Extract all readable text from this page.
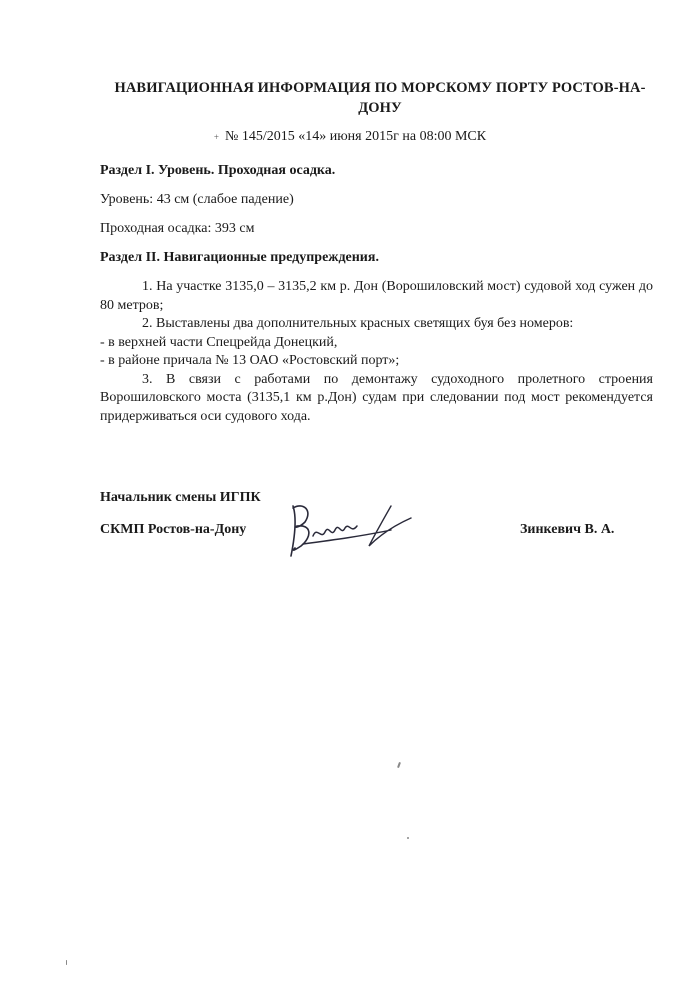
НАВИГАЦИОННАЯ ИНФОРМАЦИЯ ПО МОРСКОМУ ПОРТУ РОСТОВ-НА-ДОНУ
+ № 145/2015 «14» июня 2015г на 08:00 МСК
Раздел I. Уровень. Проходная осадка.
Уровень: 43 см (слабое падение)
Проходная осадка: 393 см
Раздел II. Навигационные предупреждения.

1. На участке 3135,0 – 3135,2 км р. Дон (Ворошиловский мост) судовой ход сужен до 80 метров;

2. Выставлены два дополнительных красных светящих буя без номеров:

- в верхней части Спецрейда Донецкий,

- в районе причала № 13 ОАО «Ростовский порт»;

3. В связи с работами по демонтажу судоходного пролетного строения Ворошиловского моста (3135,1 км р.Дон) судам при следовании под мост рекомендуется придерживаться оси судового хода.

Начальник смены ИГПК
СКМП Ростов-на-Дону	Зинкевич В. А.
